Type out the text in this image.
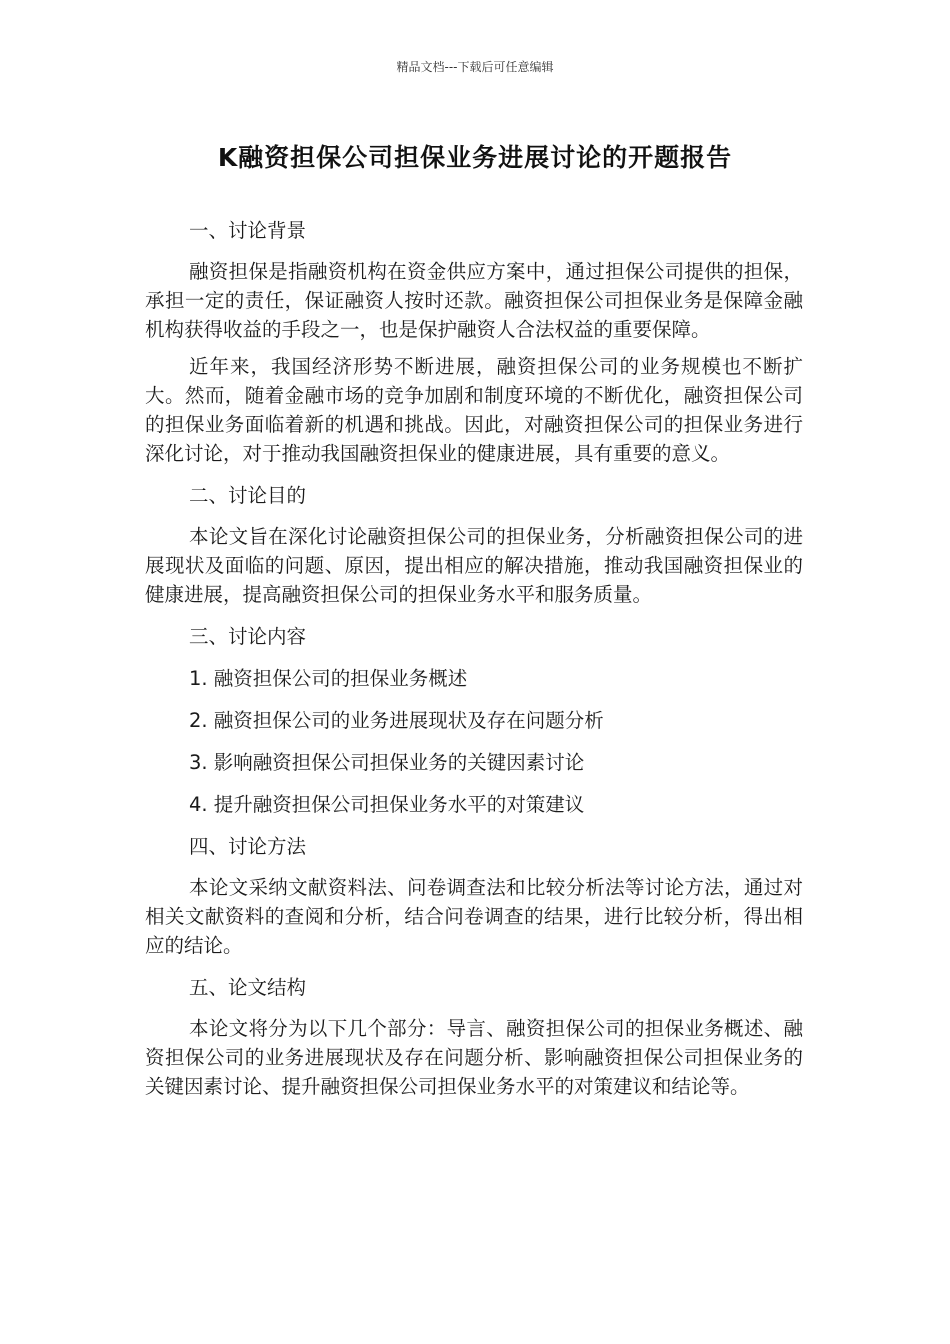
精品文档---下载后可任意编辑
K融资担保公司担保业务进展讨论的开题报告

一、讨论背景

融资担保是指融资机构在资金供应方案中，通过担保公司提供的担保，承担一定的责任，保证融资人按时还款。融资担保公司担保业务是保障金融机构获得收益的手段之一，也是保护融资人合法权益的重要保障。

近年来，我国经济形势不断进展，融资担保公司的业务规模也不断扩大。然而，随着金融市场的竞争加剧和制度环境的不断优化，融资担保公司的担保业务面临着新的机遇和挑战。因此，对融资担保公司的担保业务进行深化讨论，对于推动我国融资担保业的健康进展，具有重要的意义。

二、讨论目的

本论文旨在深化讨论融资担保公司的担保业务，分析融资担保公司的进展现状及面临的问题、原因，提出相应的解决措施，推动我国融资担保业的健康进展，提高融资担保公司的担保业务水平和服务质量。

三、讨论内容

1. 融资担保公司的担保业务概述

2. 融资担保公司的业务进展现状及存在问题分析

3. 影响融资担保公司担保业务的关键因素讨论

4. 提升融资担保公司担保业务水平的对策建议

四、讨论方法

本论文采纳文献资料法、问卷调查法和比较分析法等讨论方法，通过对相关文献资料的查阅和分析，结合问卷调查的结果，进行比较分析，得出相应的结论。

五、论文结构

本论文将分为以下几个部分：导言、融资担保公司的担保业务概述、融资担保公司的业务进展现状及存在问题分析、影响融资担保公司担保业务的关键因素讨论、提升融资担保公司担保业务水平的对策建议和结论等。
